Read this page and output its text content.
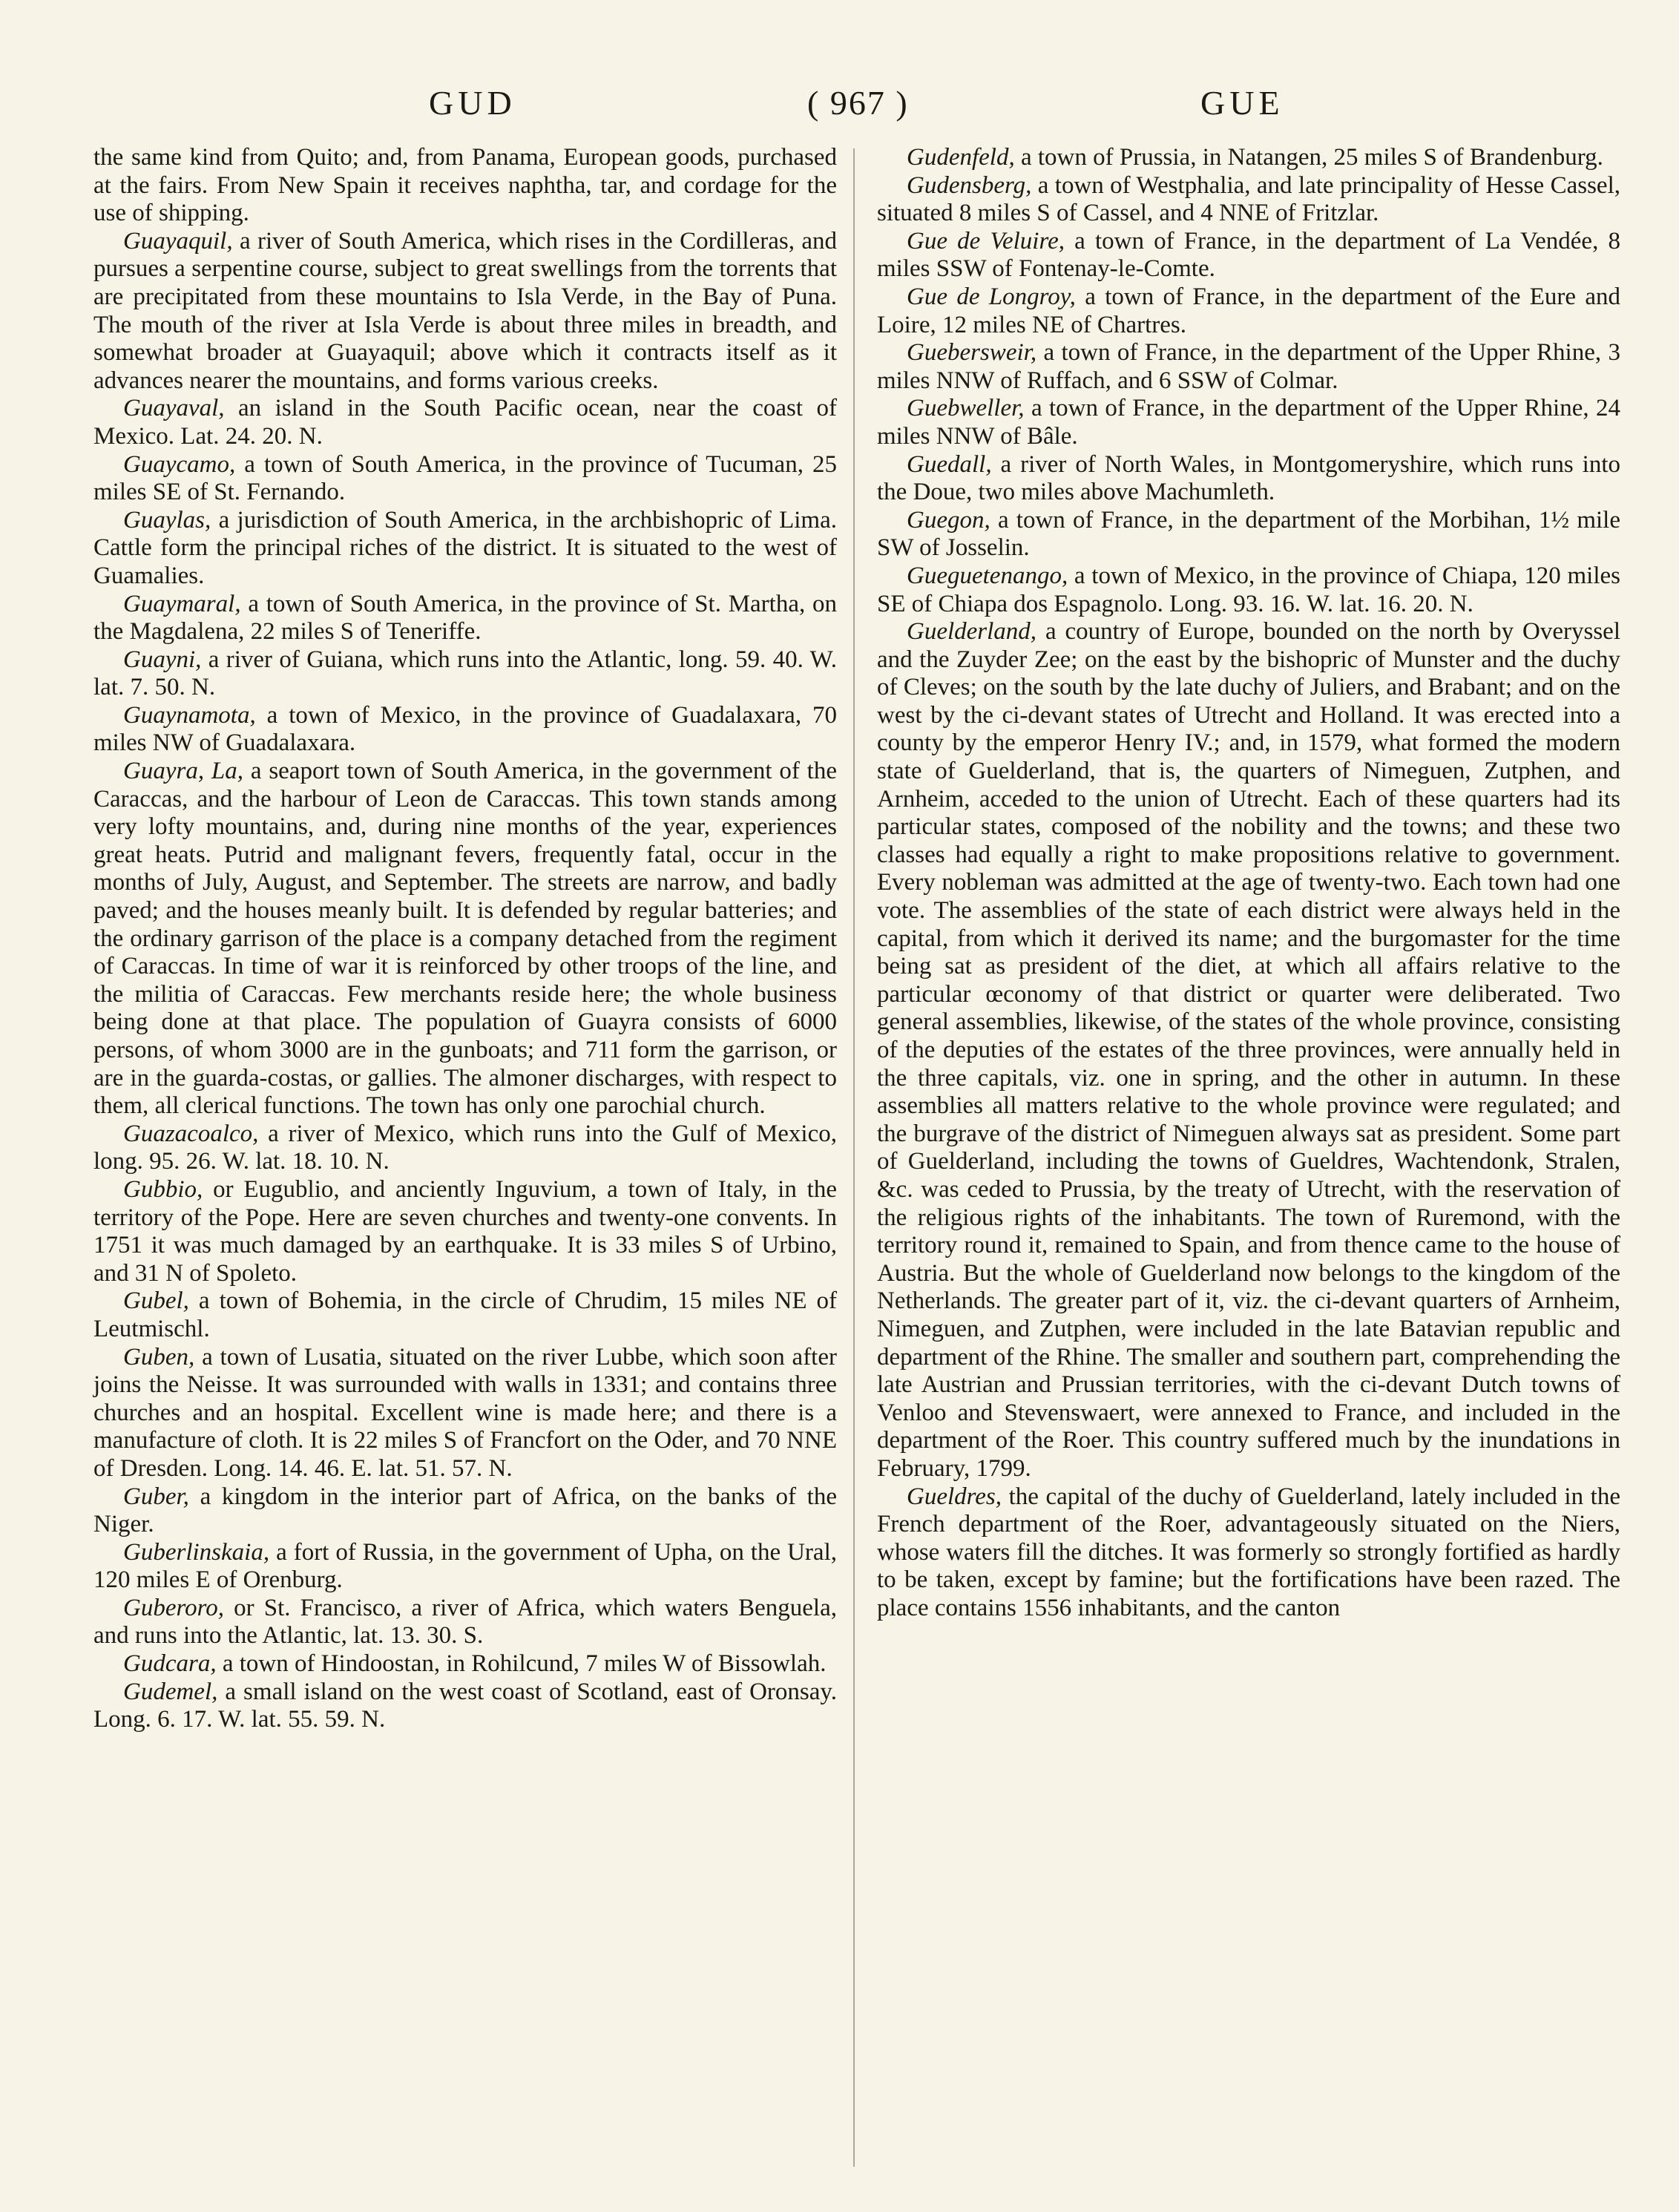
GUD	( 967 )	GUE

the same kind from Quito; and, from Panama, European goods, purchased at the fairs. From New Spain it receives naphtha, tar, and cordage for the use of shipping.

Guayaquil, a river of South America, which rises in the Cordilleras, and pursues a serpentine course, subject to great swellings from the torrents that are precipitated from these mountains to Isla Verde, in the Bay of Puna. The mouth of the river at Isla Verde is about three miles in breadth, and somewhat broader at Guayaquil; above which it contracts itself as it advances nearer the mountains, and forms various creeks.

Guayaval, an island in the South Pacific ocean, near the coast of Mexico. Lat. 24. 20. N.

Guaycamo, a town of South America, in the province of Tucuman, 25 miles SE of St. Fernando.

Guaylas, a jurisdiction of South America, in the archbishopric of Lima. Cattle form the principal riches of the district. It is situated to the west of Guamalies.

Guaymaral, a town of South America, in the province of St. Martha, on the Magdalena, 22 miles S of Teneriffe.

Guayni, a river of Guiana, which runs into the Atlantic, long. 59. 40. W. lat. 7. 50. N.

Guaynamota, a town of Mexico, in the province of Guadalaxara, 70 miles NW of Guadalaxara.

Guayra, La, a seaport town of South America, in the government of the Caraccas, and the harbour of Leon de Caraccas. This town stands among very lofty mountains, and, during nine months of the year, experiences great heats. Putrid and malignant fevers, frequently fatal, occur in the months of July, August, and September. The streets are narrow, and badly paved; and the houses meanly built. It is defended by regular batteries; and the ordinary garrison of the place is a company detached from the regiment of Caraccas. In time of war it is reinforced by other troops of the line, and the militia of Caraccas. Few merchants reside here; the whole business being done at that place. The population of Guayra consists of 6000 persons, of whom 3000 are in the gunboats; and 711 form the garrison, or are in the guarda-costas, or gallies. The almoner discharges, with respect to them, all clerical functions. The town has only one parochial church.

Guazacoalco, a river of Mexico, which runs into the Gulf of Mexico, long. 95. 26. W. lat. 18. 10. N.

Gubbio, or Eugublio, and anciently Inguvium, a town of Italy, in the territory of the Pope. Here are seven churches and twenty-one convents. In 1751 it was much damaged by an earthquake. It is 33 miles S of Urbino, and 31 N of Spoleto.

Gubel, a town of Bohemia, in the circle of Chrudim, 15 miles NE of Leutmischl.

Guben, a town of Lusatia, situated on the river Lubbe, which soon after joins the Neisse. It was surrounded with walls in 1331; and contains three churches and an hospital. Excellent wine is made here; and there is a manufacture of cloth. It is 22 miles S of Francfort on the Oder, and 70 NNE of Dresden. Long. 14. 46. E. lat. 51. 57. N.

Guber, a kingdom in the interior part of Africa, on the banks of the Niger.

Guberlinskaia, a fort of Russia, in the government of Upha, on the Ural, 120 miles E of Orenburg.

Guberoro, or St. Francisco, a river of Africa, which waters Benguela, and runs into the Atlantic, lat. 13. 30. S.

Gudcara, a town of Hindoostan, in Rohilcund, 7 miles W of Bissowlah.

Gudemel, a small island on the west coast of Scotland, east of Oronsay. Long. 6. 17. W. lat. 55. 59. N.

Gudenfeld, a town of Prussia, in Natangen, 25 miles S of Brandenburg.

Gudensberg, a town of Westphalia, and late principality of Hesse Cassel, situated 8 miles S of Cassel, and 4 NNE of Fritzlar.

Gue de Veluire, a town of France, in the department of La Vendée, 8 miles SSW of Fontenay-le-Comte.

Gue de Longroy, a town of France, in the department of the Eure and Loire, 12 miles NE of Chartres.

Guebersweir, a town of France, in the department of the Upper Rhine, 3 miles NNW of Ruffach, and 6 SSW of Colmar.

Guebweller, a town of France, in the department of the Upper Rhine, 24 miles NNW of Bâle.

Guedall, a river of North Wales, in Montgomeryshire, which runs into the Doue, two miles above Machumleth.

Guegon, a town of France, in the department of the Morbihan, 1½ mile SW of Josselin.

Gueguetenango, a town of Mexico, in the province of Chiapa, 120 miles SE of Chiapa dos Espagnolo. Long. 93. 16. W. lat. 16. 20. N.

Guelderland, a country of Europe, bounded on the north by Overyssel and the Zuyder Zee; on the east by the bishopric of Munster and the duchy of Cleves; on the south by the late duchy of Juliers, and Brabant; and on the west by the ci-devant states of Utrecht and Holland. It was erected into a county by the emperor Henry IV.; and, in 1579, what formed the modern state of Guelderland, that is, the quarters of Nimeguen, Zutphen, and Arnheim, acceded to the union of Utrecht. Each of these quarters had its particular states, composed of the nobility and the towns; and these two classes had equally a right to make propositions relative to government. Every nobleman was admitted at the age of twenty-two. Each town had one vote. The assemblies of the state of each district were always held in the capital, from which it derived its name; and the burgomaster for the time being sat as president of the diet, at which all affairs relative to the particular œconomy of that district or quarter were deliberated. Two general assemblies, likewise, of the states of the whole province, consisting of the deputies of the estates of the three provinces, were annually held in the three capitals, viz. one in spring, and the other in autumn. In these assemblies all matters relative to the whole province were regulated; and the burgrave of the district of Nimeguen always sat as president. Some part of Guelderland, including the towns of Gueldres, Wachtendonk, Stralen, &c. was ceded to Prussia, by the treaty of Utrecht, with the reservation of the religious rights of the inhabitants. The town of Ruremond, with the territory round it, remained to Spain, and from thence came to the house of Austria. But the whole of Guelderland now belongs to the kingdom of the Netherlands. The greater part of it, viz. the ci-devant quarters of Arnheim, Nimeguen, and Zutphen, were included in the late Batavian republic and department of the Rhine. The smaller and southern part, comprehending the late Austrian and Prussian territories, with the ci-devant Dutch towns of Venloo and Stevenswaert, were annexed to France, and included in the department of the Roer. This country suffered much by the inundations in February, 1799.

Gueldres, the capital of the duchy of Guelderland, lately included in the French department of the Roer, advantageously situated on the Niers, whose waters fill the ditches. It was formerly so strongly fortified as hardly to be taken, except by famine; but the fortifications have been razed. The place contains 1556 inhabitants, and the canton
